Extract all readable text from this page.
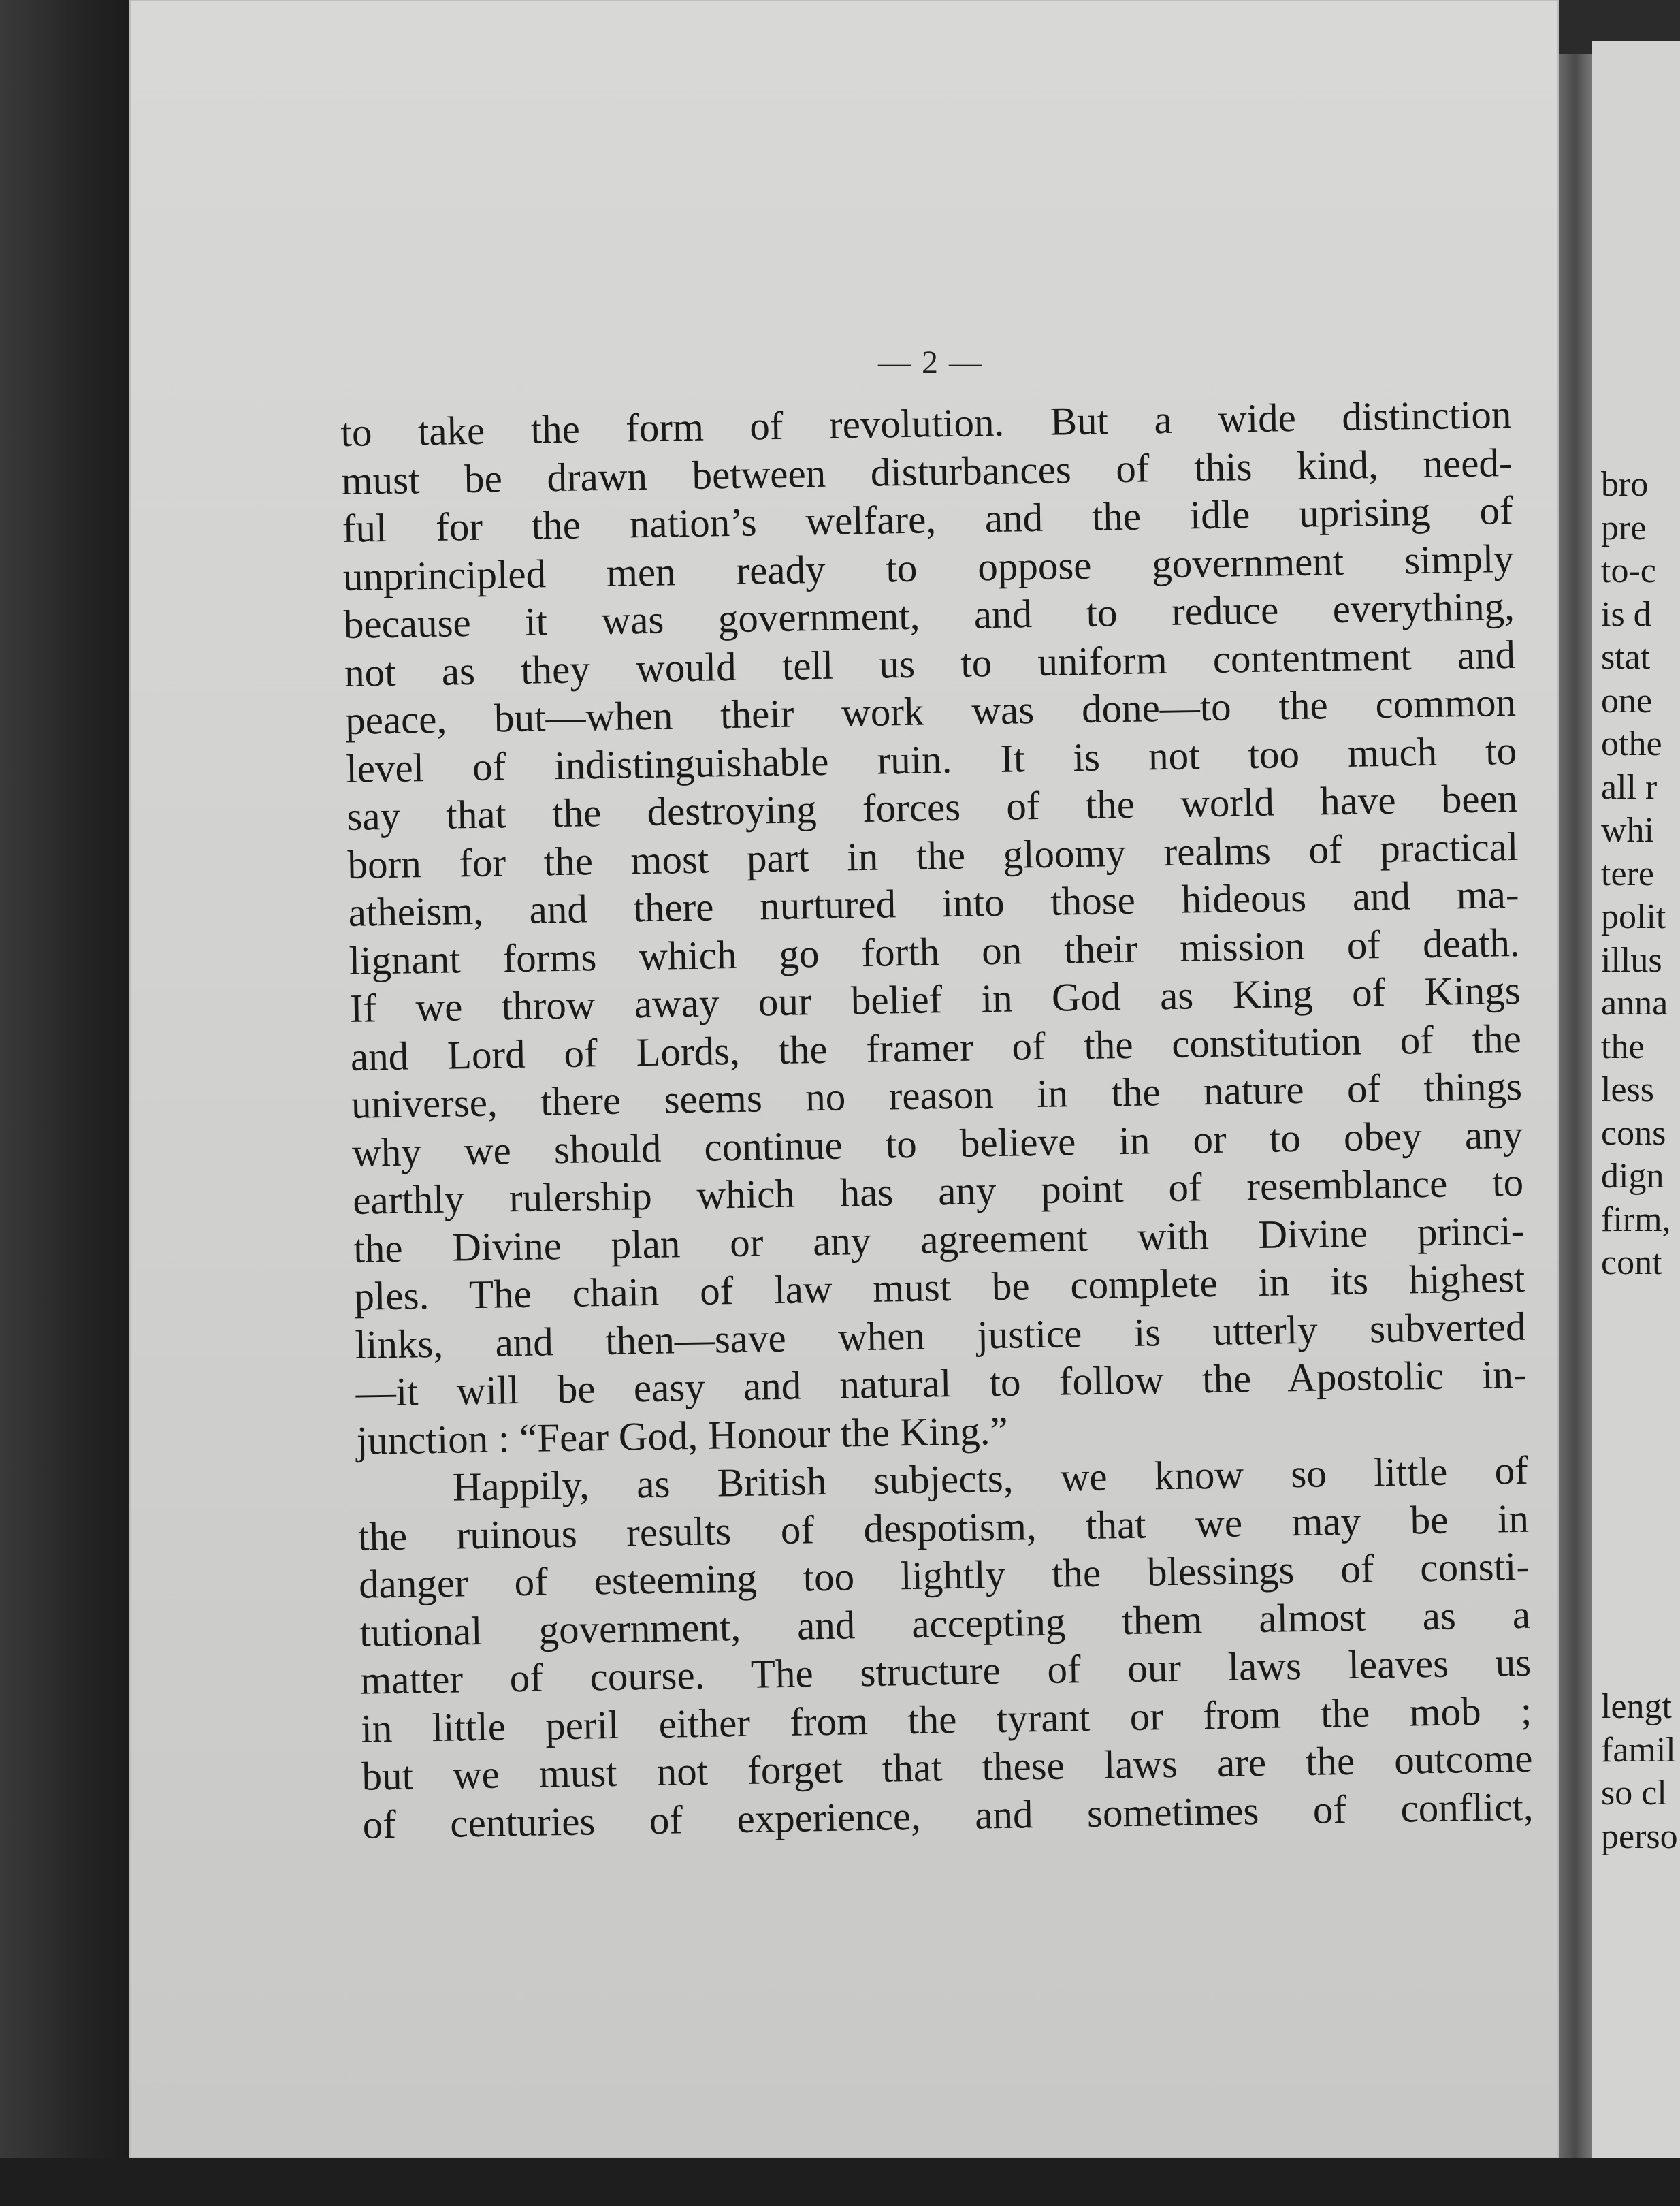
— 2 —
to take the form of revolution. But a wide distinction
must be drawn between disturbances of this kind, need-
ful for the nation’s welfare, and the idle uprising of
unprincipled men ready to oppose government simply
because it was government, and to reduce everything,
not as they would tell us to uniform contentment and
peace, but—when their work was done—to the common
level of indistinguishable ruin. It is not too much to
say that the destroying forces of the world have been
born for the most part in the gloomy realms of practical
atheism, and there nurtured into those hideous and ma-
lignant forms which go forth on their mission of death.
If we throw away our belief in God as King of Kings
and Lord of Lords, the framer of the constitution of the
universe, there seems no reason in the nature of things
why we should continue to believe in or to obey any
earthly rulership which has any point of resemblance to
the Divine plan or any agreement with Divine princi-
ples. The chain of law must be complete in its highest
links, and then—save when justice is utterly subverted
—it will be easy and natural to follow the Apostolic in-
junction : “Fear God, Honour the King.”
Happily, as British subjects, we know so little of
the ruinous results of despotism, that we may be in
danger of esteeming too lightly the blessings of consti-
tutional government, and accepting them almost as a
matter of course. The structure of our laws leaves us
in little peril either from the tyrant or from the mob ;
but we must not forget that these laws are the outcome
of centuries of experience, and sometimes of conflict,
bro
pre
to-c
is d
stat
one
othe
all r
whi
tere
polit
illus
anna
the
less
cons
dign
firm,
cont
lengt
famil
so cl
perso
